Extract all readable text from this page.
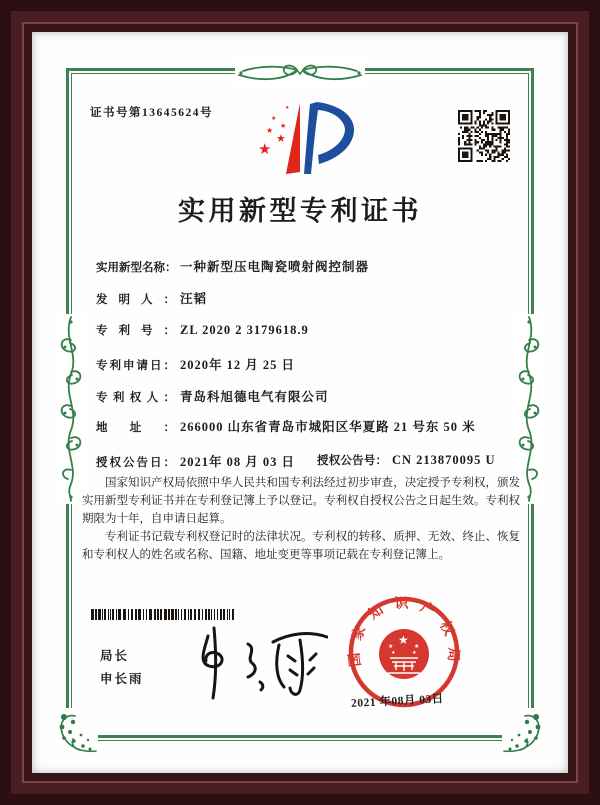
证书号第13645624号
★
★
★ ★
★
★
实用新型专利证书
实用新型名称： 一种新型压电陶瓷喷射阀控制器
发明人： 汪韬
专利号： ZL 2020 2 3179618.9
专利申请日： 2020年 12 月 25 日
专利权人： 青岛科旭德电气有限公司
地址： 266000 山东省青岛市城阳区华夏路 21 号东 50 米
授权公告日： 2021年 08 月 03 日 授权公告号： CN 213870095 U

国家知识产权局依照中华人民共和国专利法经过初步审查，决定授予专利权，颁发实用新型专利证书并在专利登记簿上予以登记。专利权自授权公告之日起生效。专利权期限为十年，自申请日起算。

专利证书记载专利权登记时的法律状况。专利权的转移、质押、无效、终止、恢复和专利权人的姓名或名称、国籍、地址变更等事项记载在专利登记簿上。

局长
申长雨
国家知识产权局
★
★	★
★	★
2021 年08月 03日
